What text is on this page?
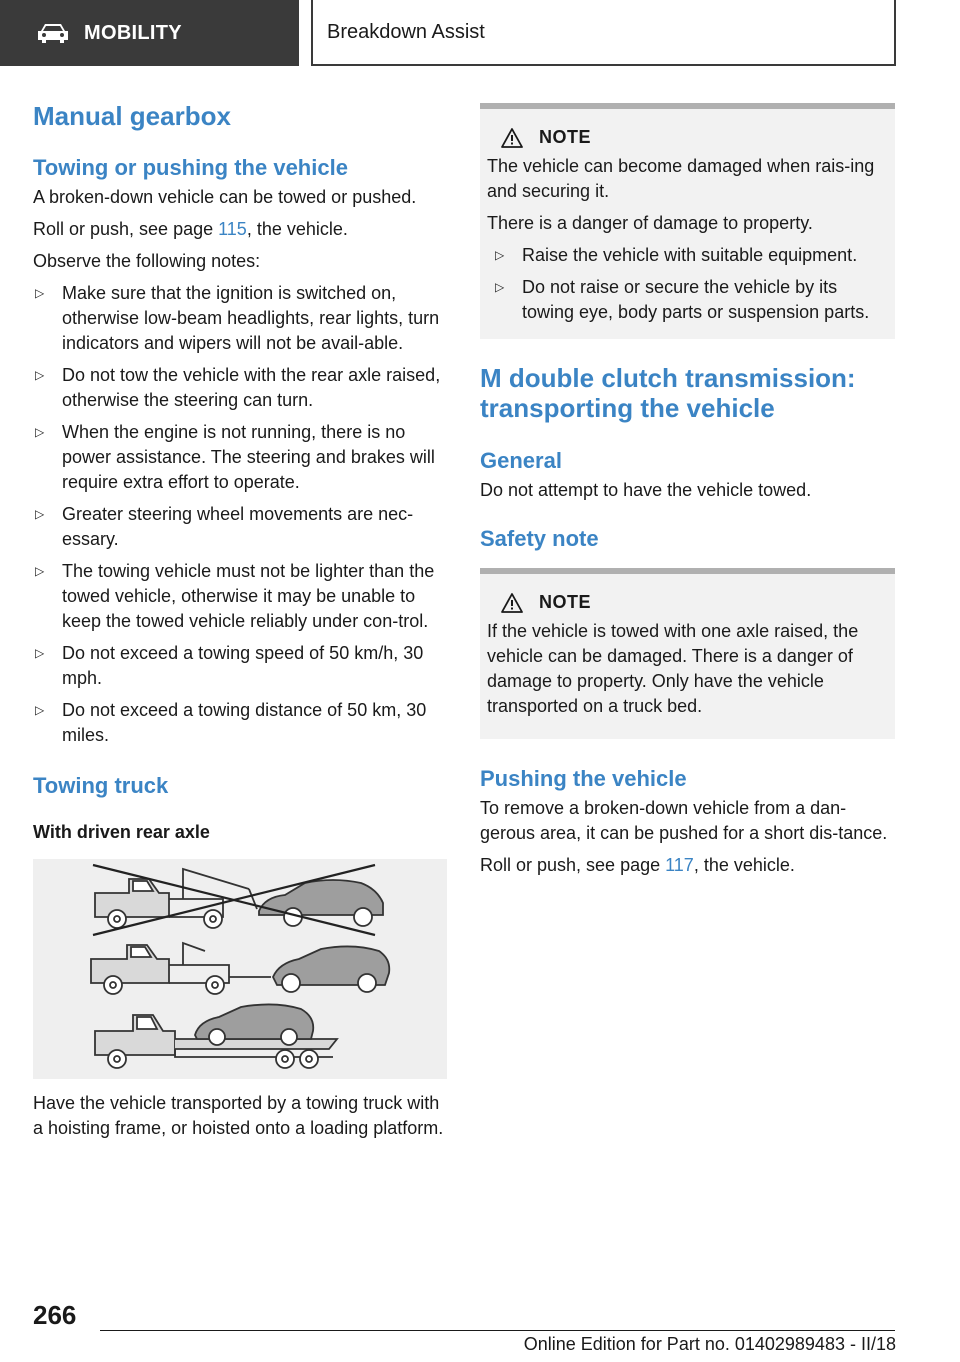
MOBILITY	Breakdown Assist
Manual gearbox
Towing or pushing the vehicle

A broken-down vehicle can be towed or pushed.

Roll or push, see page 115, the vehicle.

Observe the following notes:

▷ Make sure that the ignition is switched on, otherwise low-beam headlights, rear lights, turn indicators and wipers will not be avail-able.
▷ Do not tow the vehicle with the rear axle raised, otherwise the steering can turn.
▷ When the engine is not running, there is no power assistance. The steering and brakes will require extra effort to operate.
▷ Greater steering wheel movements are nec-essary.
▷ The towing vehicle must not be lighter than the towed vehicle, otherwise it may be unable to keep the towed vehicle reliably under con-trol.
▷ Do not exceed a towing speed of 50 km/h, 30 mph.
▷ Do not exceed a towing distance of 50 km, 30 miles.
Towing truck
With driven rear axle

Have the vehicle transported by a towing truck with a hoisting frame, or hoisted onto a loading platform.

NOTE

The vehicle can become damaged when rais-ing and securing it.

There is a danger of damage to property.

▷ Raise the vehicle with suitable equipment.
▷ Do not raise or secure the vehicle by its towing eye, body parts or suspension parts.
M double clutch transmission: transporting the vehicle
General

Do not attempt to have the vehicle towed.

Safety note
NOTE

If the vehicle is towed with one axle raised, the vehicle can be damaged. There is a danger of damage to property. Only have the vehicle transported on a truck bed.

Pushing the vehicle

To remove a broken-down vehicle from a dan-gerous area, it can be pushed for a short dis-tance.

Roll or push, see page 117, the vehicle.

266
Online Edition for Part no. 01402989483 - II/18
